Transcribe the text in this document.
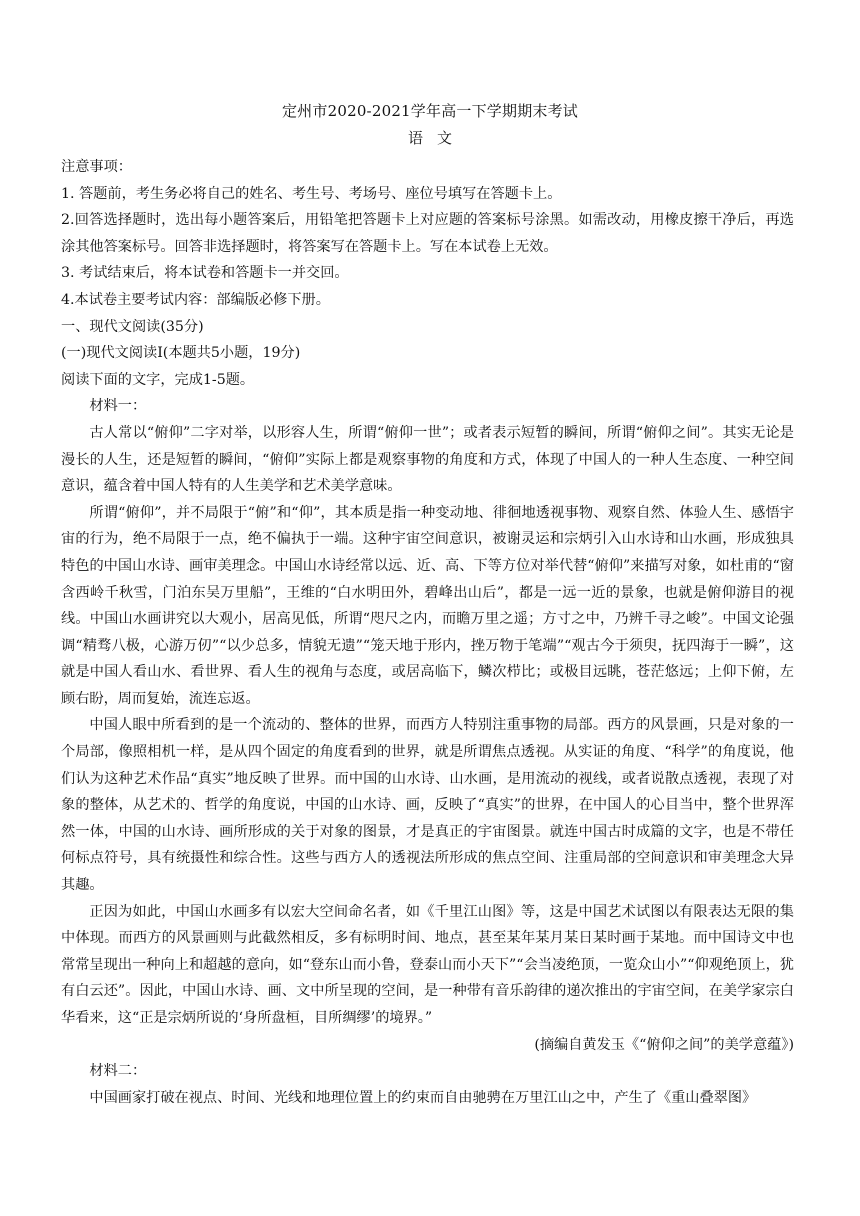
定州市2020-2021学年高一下学期期末考试
语文

注意事项：

1. 答题前，考生务必将自己的姓名、考生号、考场号、座位号填写在答题卡上。

2.回答选择题时，选出每小题答案后，用铅笔把答题卡上对应题的答案标号涂黑。如需改动，用橡皮擦干净后，再选涂其他答案标号。回答非选择题时，将答案写在答题卡上。写在本试卷上无效。

3. 考试结束后，将本试卷和答题卡一并交回。

4.本试卷主要考试内容：部编版必修下册。

一、现代文阅读(35分)

(一)现代文阅读Ⅰ(本题共5小题，19分)

阅读下面的文字，完成1-5题。

材料一：

古人常以“俯仰”二字对举，以形容人生，所谓“俯仰一世”；或者表示短暂的瞬间，所谓“俯仰之间”。其实无论是漫长的人生，还是短暂的瞬间，“俯仰”实际上都是观察事物的角度和方式，体现了中国人的一种人生态度、一种空间意识，蕴含着中国人特有的人生美学和艺术美学意味。

所谓“俯仰”，并不局限于“俯”和“仰”，其本质是指一种变动地、徘徊地透视事物、观察自然、体验人生、感悟宇宙的行为，绝不局限于一点，绝不偏执于一端。这种宇宙空间意识，被谢灵运和宗炳引入山水诗和山水画，形成独具特色的中国山水诗、画审美理念。中国山水诗经常以远、近、高、下等方位对举代替“俯仰”来描写对象，如杜甫的“窗含西岭千秋雪，门泊东吴万里船”，王维的“白水明田外，碧峰出山后”，都是一远一近的景象，也就是俯仰游目的视线。中国山水画讲究以大观小，居高见低，所谓“咫尺之内，而瞻万里之遥；方寸之中，乃辨千寻之峻”。中国文论强调“精骛八极，心游万仞”“以少总多，情貌无遗”“笼天地于形内，挫万物于笔端”“观古今于须臾，抚四海于一瞬”，这就是中国人看山水、看世界、看人生的视角与态度，或居高临下，鳞次栉比；或极目远眺，苍茫悠远；上仰下俯，左顾右盼，周而复始，流连忘返。

中国人眼中所看到的是一个流动的、整体的世界，而西方人特别注重事物的局部。西方的风景画，只是对象的一个局部，像照相机一样，是从四个固定的角度看到的世界，就是所谓焦点透视。从实证的角度、“科学”的角度说，他们认为这种艺术作品“真实”地反映了世界。而中国的山水诗、山水画，是用流动的视线，或者说散点透视，表现了对象的整体，从艺术的、哲学的角度说，中国的山水诗、画，反映了“真实”的世界，在中国人的心目当中，整个世界浑然一体，中国的山水诗、画所形成的关于对象的图景，才是真正的宇宙图景。就连中国古时成篇的文字，也是不带任何标点符号，具有统摄性和综合性。这些与西方人的透视法所形成的焦点空间、注重局部的空间意识和审美理念大异其趣。

正因为如此，中国山水画多有以宏大空间命名者，如《千里江山图》等，这是中国艺术试图以有限表达无限的集中体现。而西方的风景画则与此截然相反，多有标明时间、地点，甚至某年某月某日某时画于某地。而中国诗文中也常常呈现出一种向上和超越的意向，如“登东山而小鲁，登泰山而小天下”“会当凌绝顶，一览众山小”“仰观绝顶上，犹有白云还”。因此，中国山水诗、画、文中所呈现的空间，是一种带有音乐韵律的递次推出的宇宙空间，在美学家宗白华看来，这“正是宗炳所说的‘身所盘桓，目所绸缪’的境界。”

(摘编自黄发玉《“俯仰之间”的美学意蕴》)

材料二：

中国画家打破在视点、时间、光线和地理位置上的约束而自由驰骋在万里江山之中，产生了《重山叠翠图》
